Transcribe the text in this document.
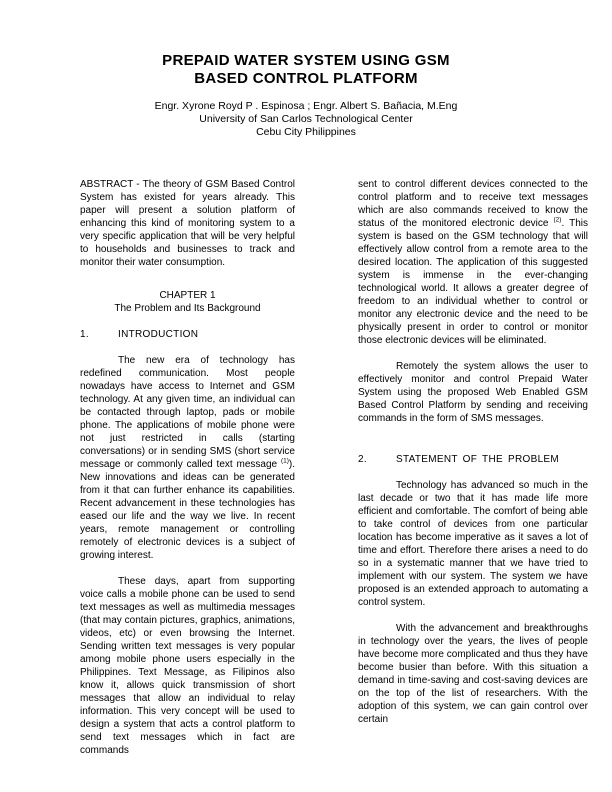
PREPAID WATER SYSTEM USING GSM
BASED CONTROL PLATFORM
Engr. Xyrone Royd P . Espinosa ; Engr. Albert S. Bañacia, M.Eng
University of San Carlos Technological Center
Cebu City Philippines

ABSTRACT - The theory of GSM Based Control System has existed for years already. This paper will present a solution platform of enhancing this kind of monitoring system to a very specific application that will be very helpful to households and businesses to track and monitor their water consumption.

CHAPTER 1
The Problem and Its Background
1.	INTRODUCTION

The new era of technology has redefined communication. Most people nowadays have access to Internet and GSM technology. At any given time, an individual can be contacted through laptop, pads or mobile phone. The applications of mobile phone were not just restricted in calls (starting conversations) or in sending SMS (short service message or commonly called text message $^{(1)}$). New innovations and ideas can be generated from it that can further enhance its capabilities. Recent advancement in these technologies has eased our life and the way we live. In recent years, remote management or controlling remotely of electronic devices is a subject of growing interest.

These days, apart from supporting voice calls a mobile phone can be used to send text messages as well as multimedia messages (that may contain pictures, graphics, animations, videos, etc) or even browsing the Internet. Sending written text messages is very popular among mobile phone users especially in the Philippines. Text Message, as Filipinos also know it, allows quick transmission of short messages that allow an individual to relay information. This very concept will be used to design a system that acts a control platform to send text messages which in fact are commands

sent to control different devices connected to the control platform and to receive text messages which are also commands received to know the status of the monitored electronic device $^{(2)}$. This system is based on the GSM technology that will effectively allow control from a remote area to the desired location. The application of this suggested system is immense in the ever-changing technological world. It allows a greater degree of freedom to an individual whether to control or monitor any electronic device and the need to be physically present in order to control or monitor those electronic devices will be eliminated.

Remotely the system allows the user to effectively monitor and control Prepaid Water System using the proposed Web Enabled GSM Based Control Platform by sending and receiving commands in the form of SMS messages.

2.	STATEMENT OF THE PROBLEM

Technology has advanced so much in the last decade or two that it has made life more efficient and comfortable. The comfort of being able to take control of devices from one particular location has become imperative as it saves a lot of time and effort. Therefore there arises a need to do so in a systematic manner that we have tried to implement with our system. The system we have proposed is an extended approach to automating a control system.

With the advancement and breakthroughs in technology over the years, the lives of people have become more complicated and thus they have become busier than before. With this situation a demand in time-saving and cost-saving devices are on the top of the list of researchers. With the adoption of this system, we can gain control over certain
